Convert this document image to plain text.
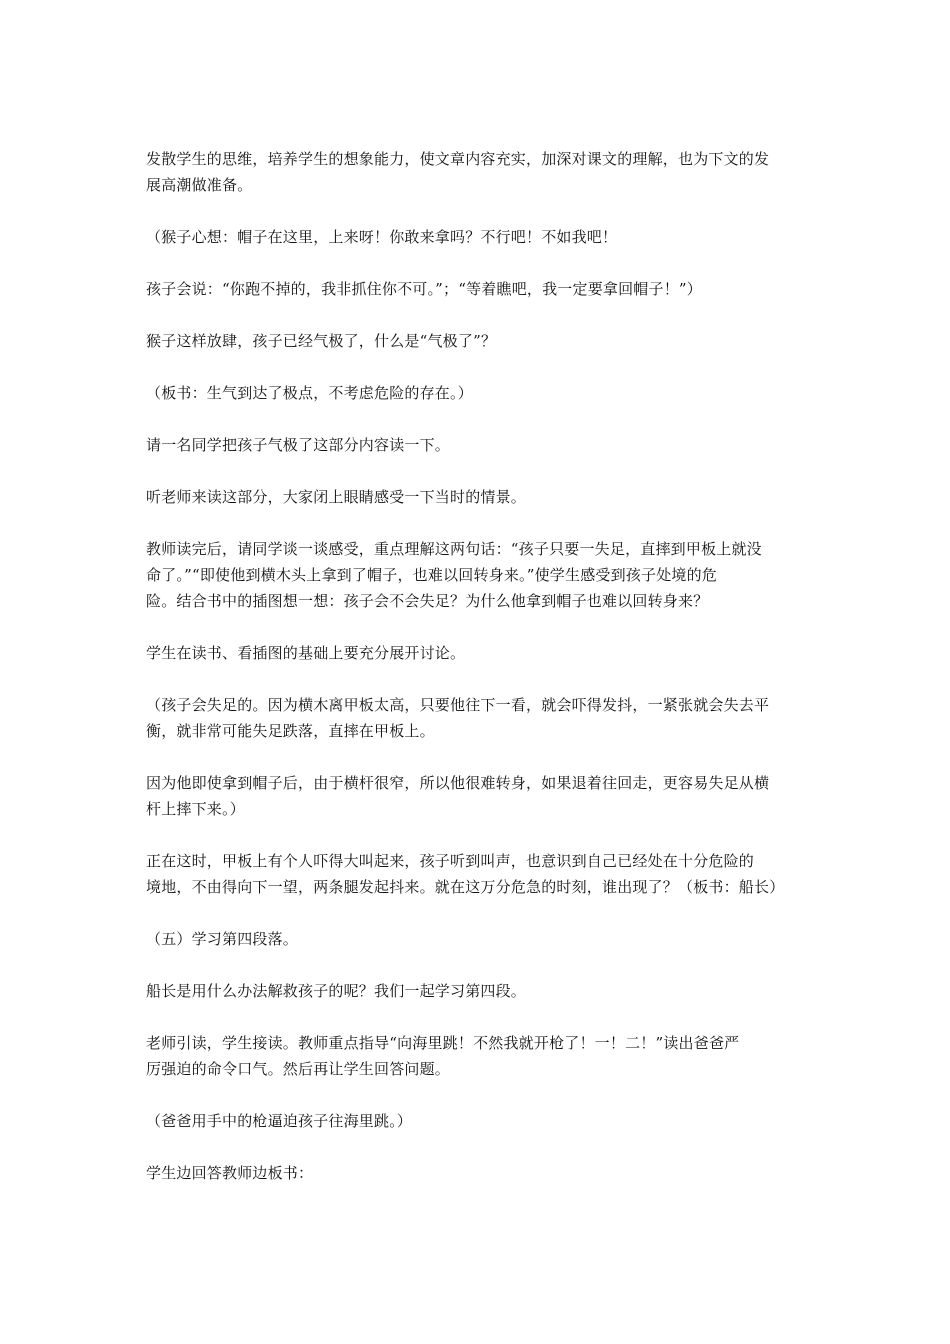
发散学生的思维，培养学生的想象能力，使文章内容充实，加深对课文的理解，也为下文的发
展高潮做准备。

（猴子心想：帽子在这里，上来呀！你敢来拿吗？不行吧！不如我吧！

孩子会说：“你跑不掉的，我非抓住你不可。”；“等着瞧吧，我一定要拿回帽子！”）

猴子这样放肆，孩子已经气极了，什么是“气极了”？

（板书：生气到达了极点，不考虑危险的存在。）

请一名同学把孩子气极了这部分内容读一下。

听老师来读这部分，大家闭上眼睛感受一下当时的情景。

教师读完后，请同学谈一谈感受，重点理解这两句话：“孩子只要一失足，直摔到甲板上就没
命了。”“即使他到横木头上拿到了帽子，也难以回转身来。”使学生感受到孩子处境的危
险。结合书中的插图想一想：孩子会不会失足？为什么他拿到帽子也难以回转身来？

学生在读书、看插图的基础上要充分展开讨论。

（孩子会失足的。因为横木离甲板太高，只要他往下一看，就会吓得发抖，一紧张就会失去平
衡，就非常可能失足跌落，直摔在甲板上。

因为他即使拿到帽子后，由于横杆很窄，所以他很难转身，如果退着往回走，更容易失足从横
杆上摔下来。）

正在这时，甲板上有个人吓得大叫起来，孩子听到叫声，也意识到自己已经处在十分危险的
境地，不由得向下一望，两条腿发起抖来。就在这万分危急的时刻，谁出现了？（板书：船长）

（五）学习第四段落。

船长是用什么办法解救孩子的呢？我们一起学习第四段。

老师引读，学生接读。教师重点指导“向海里跳！不然我就开枪了！一！二！”读出爸爸严
厉强迫的命令口气。然后再让学生回答问题。

（爸爸用手中的枪逼迫孩子往海里跳。）

学生边回答教师边板书：
